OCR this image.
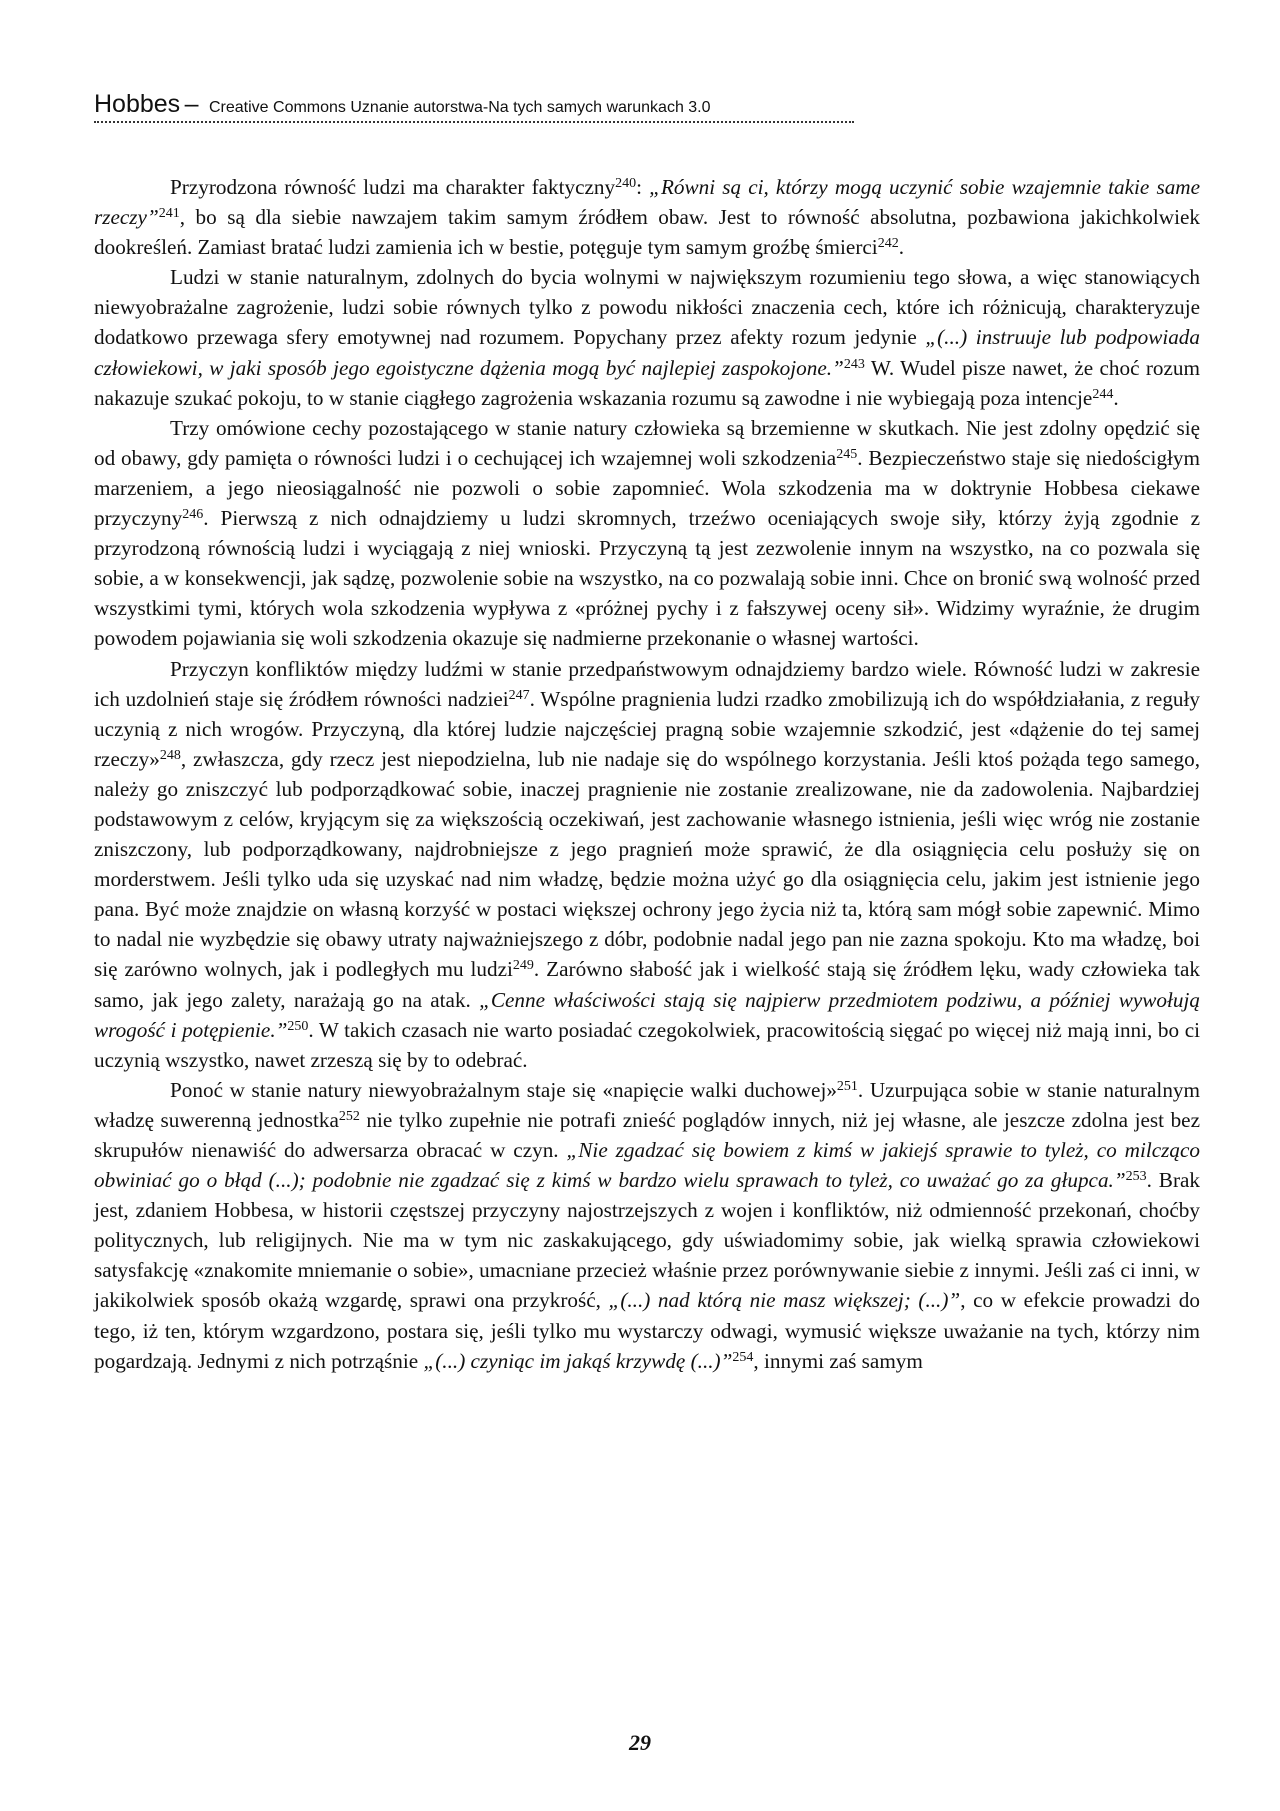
Hobbes – Creative Commons Uznanie autorstwa-Na tych samych warunkach 3.0

Przyrodzona równość ludzi ma charakter faktyczny$^{240}$: „Równi są ci, którzy mogą uczynić sobie wzajemnie takie same rzeczy”$^{241}$, bo są dla siebie nawzajem takim samym źródłem obaw. Jest to równość absolutna, pozbawiona jakichkolwiek dookreśleń. Zamiast bratać ludzi zamienia ich w bestie, potęguje tym samym groźbę śmierci$^{242}$.

Ludzi w stanie naturalnym, zdolnych do bycia wolnymi w największym rozumieniu tego słowa, a więc stanowiących niewyobrażalne zagrożenie, ludzi sobie równych tylko z powodu nikłości znaczenia cech, które ich różnicują, charakteryzuje dodatkowo przewaga sfery emotywnej nad rozumem. Popychany przez afekty rozum jedynie „(...) instruuje lub podpowiada człowiekowi, w jaki sposób jego egoistyczne dążenia mogą być najlepiej zaspokojone.”$^{243}$ W. Wudel pisze nawet, że choć rozum nakazuje szukać pokoju, to w stanie ciągłego zagrożenia wskazania rozumu są zawodne i nie wybiegają poza intencje$^{244}$.

Trzy omówione cechy pozostającego w stanie natury człowieka są brzemienne w skutkach. Nie jest zdolny opędzić się od obawy, gdy pamięta o równości ludzi i o cechującej ich wzajemnej woli szkodzenia$^{245}$. Bezpieczeństwo staje się niedościgłym marzeniem, a jego nieosiągalność nie pozwoli o sobie zapomnieć. Wola szkodzenia ma w doktrynie Hobbesa ciekawe przyczyny$^{246}$. Pierwszą z nich odnajdziemy u ludzi skromnych, trzeźwo oceniających swoje siły, którzy żyją zgodnie z przyrodzoną równością ludzi i wyciągają z niej wnioski. Przyczyną tą jest zezwolenie innym na wszystko, na co pozwala się sobie, a w konsekwencji, jak sądzę, pozwolenie sobie na wszystko, na co pozwalają sobie inni. Chce on bronić swą wolność przed wszystkimi tymi, których wola szkodzenia wypływa z «próżnej pychy i z fałszywej oceny sił». Widzimy wyraźnie, że drugim powodem pojawiania się woli szkodzenia okazuje się nadmierne przekonanie o własnej wartości.

Przyczyn konfliktów między ludźmi w stanie przedpaństwowym odnajdziemy bardzo wiele. Równość ludzi w zakresie ich uzdolnień staje się źródłem równości nadziei$^{247}$. Wspólne pragnienia ludzi rzadko zmobilizują ich do współdziałania, z reguły uczynią z nich wrogów. Przyczyną, dla której ludzie najczęściej pragną sobie wzajemnie szkodzić, jest «dążenie do tej samej rzeczy»$^{248}$, zwłaszcza, gdy rzecz jest niepodzielna, lub nie nadaje się do wspólnego korzystania. Jeśli ktoś pożąda tego samego, należy go zniszczyć lub podporządkować sobie, inaczej pragnienie nie zostanie zrealizowane, nie da zadowolenia. Najbardziej podstawowym z celów, kryjącym się za większością oczekiwań, jest zachowanie własnego istnienia, jeśli więc wróg nie zostanie zniszczony, lub podporządkowany, najdrobniejsze z jego pragnień może sprawić, że dla osiągnięcia celu posłuży się on morderstwem. Jeśli tylko uda się uzyskać nad nim władzę, będzie można użyć go dla osiągnięcia celu, jakim jest istnienie jego pana. Być może znajdzie on własną korzyść w postaci większej ochrony jego życia niż ta, którą sam mógł sobie zapewnić. Mimo to nadal nie wyzbędzie się obawy utraty najważniejszego z dóbr, podobnie nadal jego pan nie zazna spokoju. Kto ma władzę, boi się zarówno wolnych, jak i podległych mu ludzi$^{249}$. Zarówno słabość jak i wielkość stają się źródłem lęku, wady człowieka tak samo, jak jego zalety, narażają go na atak. „Cenne właściwości stają się najpierw przedmiotem podziwu, a później wywołują wrogość i potępienie.”$^{250}$. W takich czasach nie warto posiadać czegokolwiek, pracowitością sięgać po więcej niż mają inni, bo ci uczynią wszystko, nawet zrzeszą się by to odebrać.

Ponoć w stanie natury niewyobrażalnym staje się «napięcie walki duchowej»$^{251}$. Uzurpująca sobie w stanie naturalnym władzę suwerenną jednostka$^{252}$ nie tylko zupełnie nie potrafi znieść poglądów innych, niż jej własne, ale jeszcze zdolna jest bez skrupułów nienawiść do adwersarza obracać w czyn. „Nie zgadzać się bowiem z kimś w jakiejś sprawie to tyleż, co milcząco obwiniać go o błąd (...); podobnie nie zgadzać się z kimś w bardzo wielu sprawach to tyleż, co uważać go za głupca.”$^{253}$. Brak jest, zdaniem Hobbesa, w historii częstszej przyczyny najostrzejszych z wojen i konfliktów, niż odmienność przekonań, choćby politycznych, lub religijnych. Nie ma w tym nic zaskakującego, gdy uświadomimy sobie, jak wielką sprawia człowiekowi satysfakcję «znakomite mniemanie o sobie», umacniane przecież właśnie przez porównywanie siebie z innymi. Jeśli zaś ci inni, w jakikolwiek sposób okażą wzgardę, sprawi ona przykrość, „(...) nad którą nie masz większej; (...)”, co w efekcie prowadzi do tego, iż ten, którym wzgardzono, postara się, jeśli tylko mu wystarczy odwagi, wymusić większe uważanie na tych, którzy nim pogardzają. Jednymi z nich potrząśnie „(...) czyniąc im jakąś krzywdę (...)”$^{254}$, innymi zaś samym

29
